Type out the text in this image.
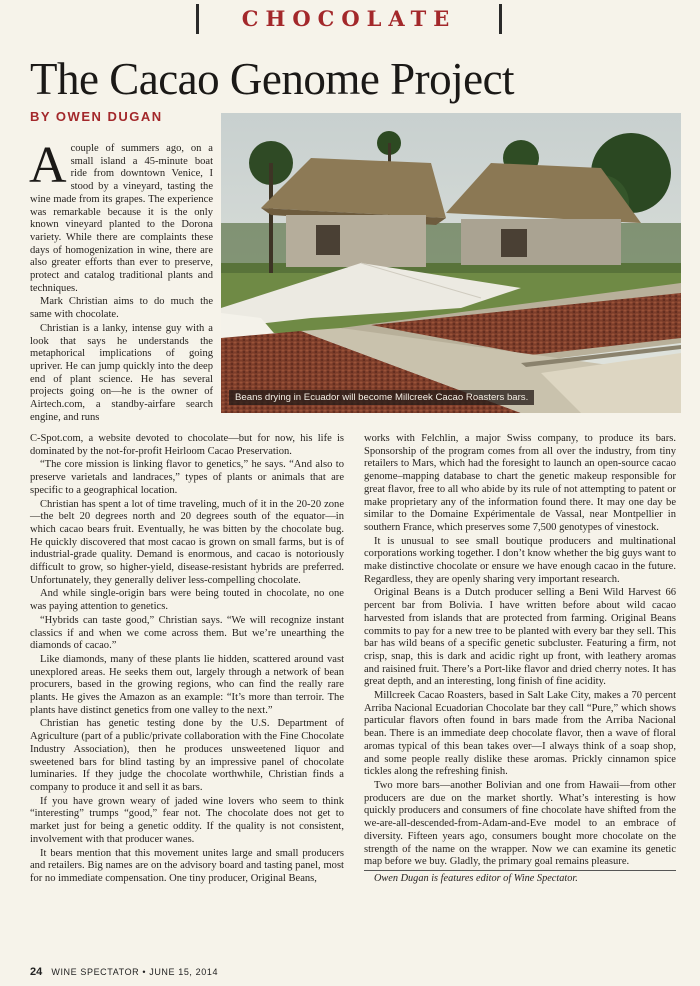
CHOCOLATE
The Cacao Genome Project
BY OWEN DUGAN
Beans drying in Ecuador will become Millcreek Cacao Roasters bars.

Acouple of summers ago, on a small island a 45-minute boat ride from downtown Venice, I stood by a vineyard, tasting the wine made from its grapes. The experience was remarkable because it is the only known vineyard planted to the Dorona variety. While there are complaints these days of homogenization in wine, there are also greater efforts than ever to preserve, protect and catalog traditional plants and techniques.

Mark Christian aims to do much the same with chocolate.

Christian is a lanky, intense guy with a look that says he understands the metaphorical implications of going upriver. He can jump quickly into the deep end of plant science. He has several projects going on—he is the owner of Airtech.com, a standby-airfare search engine, and runs

C-Spot.com, a website devoted to chocolate—but for now, his life is dominated by the not-for-profit Heirloom Cacao Preservation.

“The core mission is linking flavor to genetics,” he says. “And also to preserve varietals and landraces,” types of plants or animals that are specific to a geographical location.

Christian has spent a lot of time traveling, much of it in the 20-20 zone—the belt 20 degrees north and 20 degrees south of the equator—in which cacao bears fruit. Eventually, he was bitten by the chocolate bug. He quickly discovered that most cacao is grown on small farms, but is of industrial-grade quality. Demand is enormous, and cacao is notoriously difficult to grow, so higher-yield, disease-resistant hybrids are preferred. Unfortunately, they generally deliver less-compelling chocolate.

And while single-origin bars were being touted in chocolate, no one was paying attention to genetics.

“Hybrids can taste good,” Christian says. “We will recognize instant classics if and when we come across them. But we’re unearthing the diamonds of cacao.”

Like diamonds, many of these plants lie hidden, scattered around vast unexplored areas. He seeks them out, largely through a network of bean procurers, based in the growing regions, who can find the really rare plants. He gives the Amazon as an example: “It’s more than terroir. The plants have distinct genetics from one valley to the next.”

Christian has genetic testing done by the U.S. Department of Agriculture (part of a public/private collaboration with the Fine Chocolate Industry Association), then he produces unsweetened liquor and sweetened bars for blind tasting by an impressive panel of chocolate luminaries. If they judge the chocolate worthwhile, Christian finds a company to produce it and sell it as bars.

If you have grown weary of jaded wine lovers who seem to think “interesting” trumps “good,” fear not. The chocolate does not get to market just for being a genetic oddity. If the quality is not consistent, involvement with that producer wanes.

It bears mention that this movement unites large and small producers and retailers. Big names are on the advisory board and tasting panel, most for no immediate compensation. One tiny producer, Original Beans,

works with Felchlin, a major Swiss company, to produce its bars. Sponsorship of the program comes from all over the industry, from tiny retailers to Mars, which had the foresight to launch an open-source cacao genome–mapping database to chart the genetic makeup responsible for great flavor, free to all who abide by its rule of not attempting to patent or make proprietary any of the information found there. It may one day be similar to the Domaine Expérimentale de Vassal, near Montpellier in southern France, which preserves some 7,500 genotypes of vinestock.

It is unusual to see small boutique producers and multinational corporations working together. I don’t know whether the big guys want to make distinctive chocolate or ensure we have enough cacao in the future. Regardless, they are openly sharing very important research.

Original Beans is a Dutch producer selling a Beni Wild Harvest 66 percent bar from Bolivia. I have written before about wild cacao harvested from islands that are protected from farming. Original Beans commits to pay for a new tree to be planted with every bar they sell. This bar has wild beans of a specific genetic subcluster. Featuring a firm, not crisp, snap, this is dark and acidic right up front, with leathery aromas and raisined fruit. There’s a Port-like flavor and dried cherry notes. It has great depth, and an interesting, long finish of fine acidity.

Millcreek Cacao Roasters, based in Salt Lake City, makes a 70 percent Arriba Nacional Ecuadorian Chocolate bar they call “Pure,” which shows particular flavors often found in bars made from the Arriba Nacional bean. There is an immediate deep chocolate flavor, then a wave of floral aromas typical of this bean takes over—I always think of a soap shop, and some people really dislike these aromas. Prickly cinnamon spice tickles along the refreshing finish.

Two more bars—another Bolivian and one from Hawaii—from other producers are due on the market shortly. What’s interesting is how quickly producers and consumers of fine chocolate have shifted from the we-are-all-descended-from-Adam-and-Eve model to an embrace of diversity. Fifteen years ago, consumers bought more chocolate on the strength of the name on the wrapper. Now we can examine its genetic map before we buy. Gladly, the primary goal remains pleasure.

Owen Dugan is features editor of Wine Spectator.

24 WINE SPECTATOR • JUNE 15, 2014
